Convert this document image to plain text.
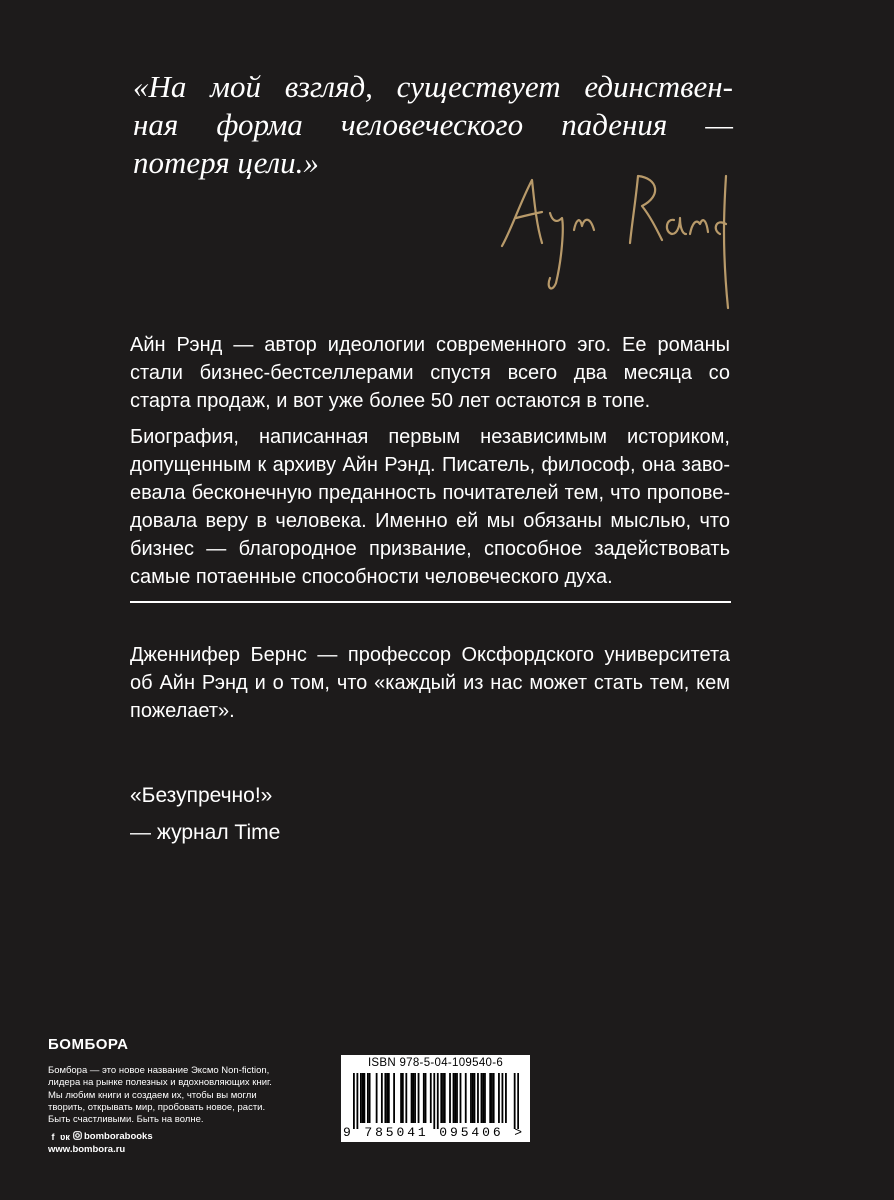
«На мой взгляд, существует единствен-
ная форма человеческого падения —
потеря цели.»
Айн Рэнд — автор идеологии современного эго. Ее романы
стали бизнес-бестселлерами спустя всего два месяца со
старта продаж, и вот уже более 50 лет остаются в топе.
Биография, написанная первым независимым историком,
допущенным к архиву Айн Рэнд. Писатель, философ, она заво-
евала бесконечную преданность почитателей тем, что пропове-
довала веру в человека. Именно ей мы обязаны мыслью, что
бизнес — благородное призвание, способное задействовать
самые потаенные способности человеческого духа.
Дженнифер Бернс — профессор Оксфордского университета
об Айн Рэнд и о том, что «каждый из нас может стать тем, кем
пожелает».
«Безупречно!»
— журнал Time
БОМБОРА
Бомбора — это новое название Эксмо Non-fiction,
лидера на рынке полезных и вдохновляющих книг.
Мы любим книги и создаем их, чтобы вы могли
творить, открывать мир, пробовать новое, расти.
Быть счастливыми. Быть на волне.
f ʋк bomborabooks
www.bombora.ru
ISBN 978-5-04-109540-6
9 785041 095406 >
